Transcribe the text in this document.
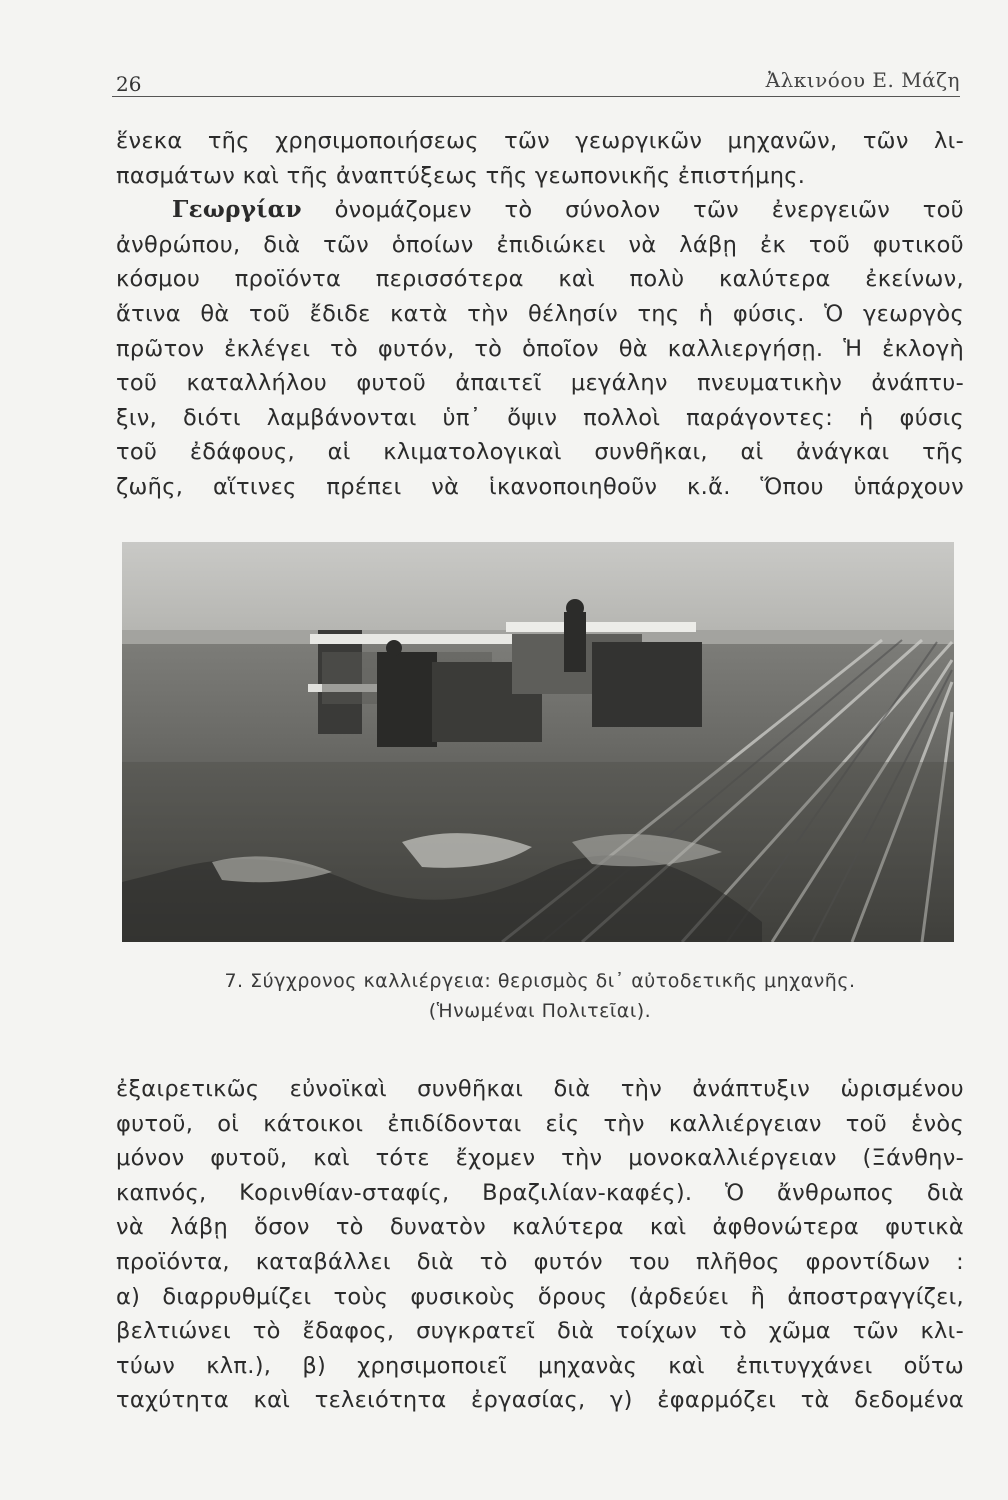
26	Ἀλκινόου Ε. Μάζη
ἕνεκα τῆς χρησιμοποιήσεως τῶν γεωργικῶν μηχανῶν, τῶν λι-
πασμάτων καὶ τῆς ἀναπτύξεως τῆς γεωπονικῆς ἐπιστήμης.
Γεωργίαν ὀνομάζομεν τὸ σύνολον τῶν ἐνεργειῶν τοῦ
ἀνθρώπου, διὰ τῶν ὁποίων ἐπιδιώκει νὰ λάβῃ ἐκ τοῦ φυτικοῦ
κόσμου προϊόντα περισσότερα καὶ πολὺ καλύτερα ἐκείνων,
ἅτινα θὰ τοῦ ἔδιδε κατὰ τὴν θέλησίν της ἡ φύσις. Ὁ γεωργὸς
πρῶτον ἐκλέγει τὸ φυτόν, τὸ ὁποῖον θὰ καλλιεργήσῃ. Ἡ ἐκλογὴ
τοῦ καταλλήλου φυτοῦ ἀπαιτεῖ μεγάλην πνευματικὴν ἀνάπτυ-
ξιν, διότι λαμβάνονται ὑπ᾽ ὄψιν πολλοὶ παράγοντες: ἡ φύσις
τοῦ ἐδάφους, αἱ κλιματολογικαὶ συνθῆκαι, αἱ ἀνάγκαι τῆς
ζωῆς, αἵτινες πρέπει νὰ ἱκανοποιηθοῦν κ.ἄ. Ὅπου ὑπάρχουν
7. Σύγχρονος καλλιέργεια: θερισμὸς δι᾽ αὐτοδετικῆς μηχανῆς.
(Ἡνωμέναι Πολιτεῖαι).
ἐξαιρετικῶς εὐνοϊκαὶ συνθῆκαι διὰ τὴν ἀνάπτυξιν ὡρισμένου
φυτοῦ, οἱ κάτοικοι ἐπιδίδονται εἰς τὴν καλλιέργειαν τοῦ ἑνὸς
μόνον φυτοῦ, καὶ τότε ἔχομεν τὴν μονοκαλλιέργειαν (Ξάνθην-
καπνός, Κορινθίαν-σταφίς, Βραζιλίαν-καφές). Ὁ ἄνθρωπος διὰ
νὰ λάβῃ ὅσον τὸ δυνατὸν καλύτερα καὶ ἀφθονώτερα φυτικὰ
προϊόντα, καταβάλλει διὰ τὸ φυτόν του πλῆθος φροντίδων :
α) διαρρυθμίζει τοὺς φυσικοὺς ὅρους (ἀρδεύει ἢ ἀποστραγγίζει,
βελτιώνει τὸ ἔδαφος, συγκρατεῖ διὰ τοίχων τὸ χῶμα τῶν κλι-
τύων κλπ.), β) χρησιμοποιεῖ μηχανὰς καὶ ἐπιτυγχάνει οὕτω
ταχύτητα καὶ τελειότητα ἐργασίας, γ) ἐφαρμόζει τὰ δεδομένα
